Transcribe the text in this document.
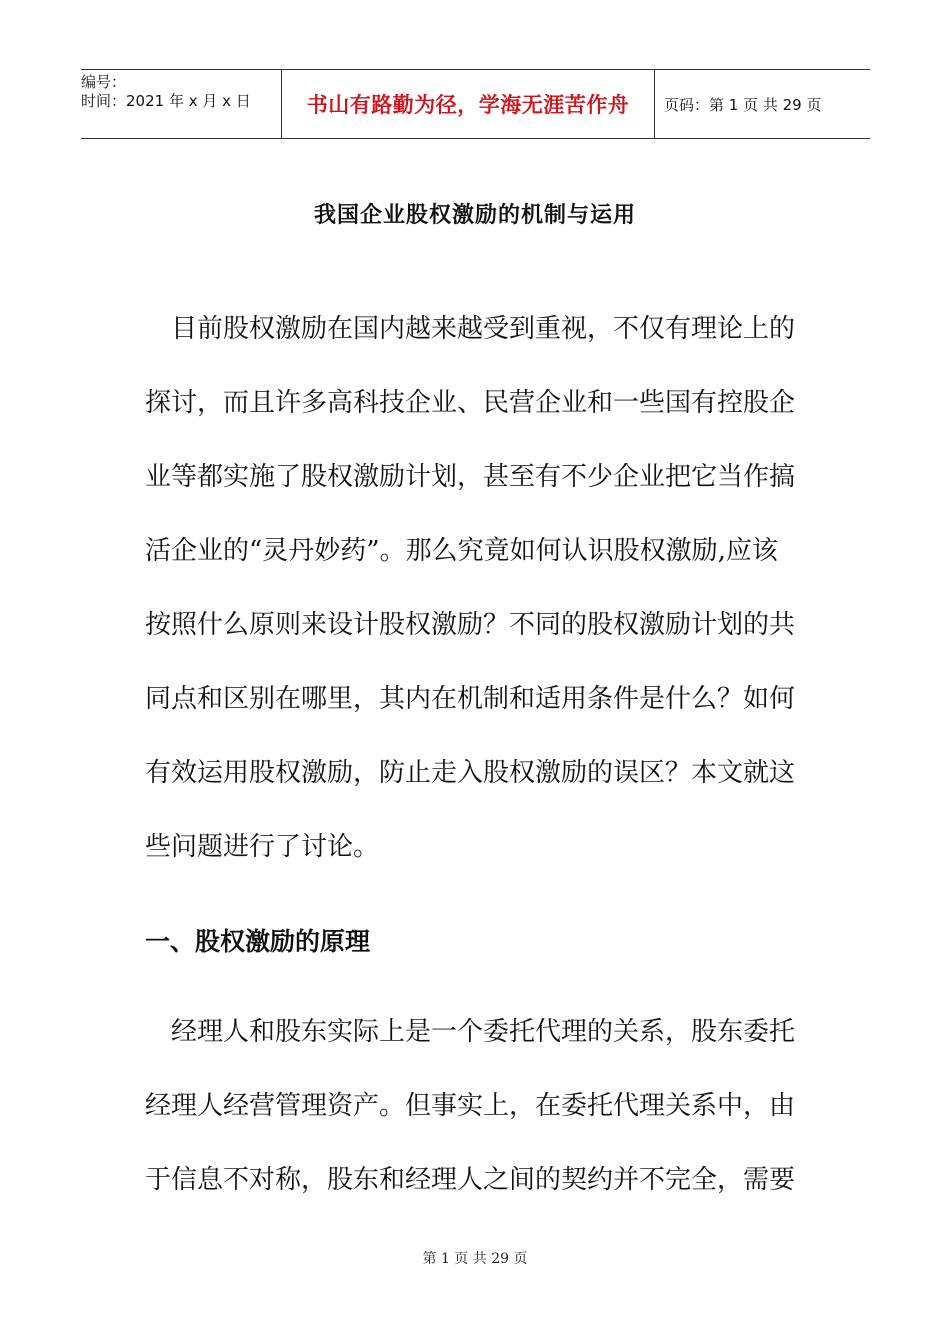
编号：
时间：2021 年 x 月 x 日	书山有路勤为径，学海无涯苦作舟 页码：第 1 页 共 29 页
我国企业股权激励的机制与运用
　目前股权激励在国内越来越受到重视，不仅有理论上的
探讨，而且许多高科技企业、民营企业和一些国有控股企
业等都实施了股权激励计划，甚至有不少企业把它当作搞
活企业的“灵丹妙药”。那么究竟如何认识股权激励,应该
按照什么原则来设计股权激励？不同的股权激励计划的共
同点和区别在哪里，其内在机制和适用条件是什么？如何
有效运用股权激励，防止走入股权激励的误区？本文就这
些问题进行了讨论。
一、股权激励的原理
　经理人和股东实际上是一个委托代理的关系，股东委托
经理人经营管理资产。但事实上，在委托代理关系中，由
于信息不对称，股东和经理人之间的契约并不完全，需要
第 1 页 共 29 页
